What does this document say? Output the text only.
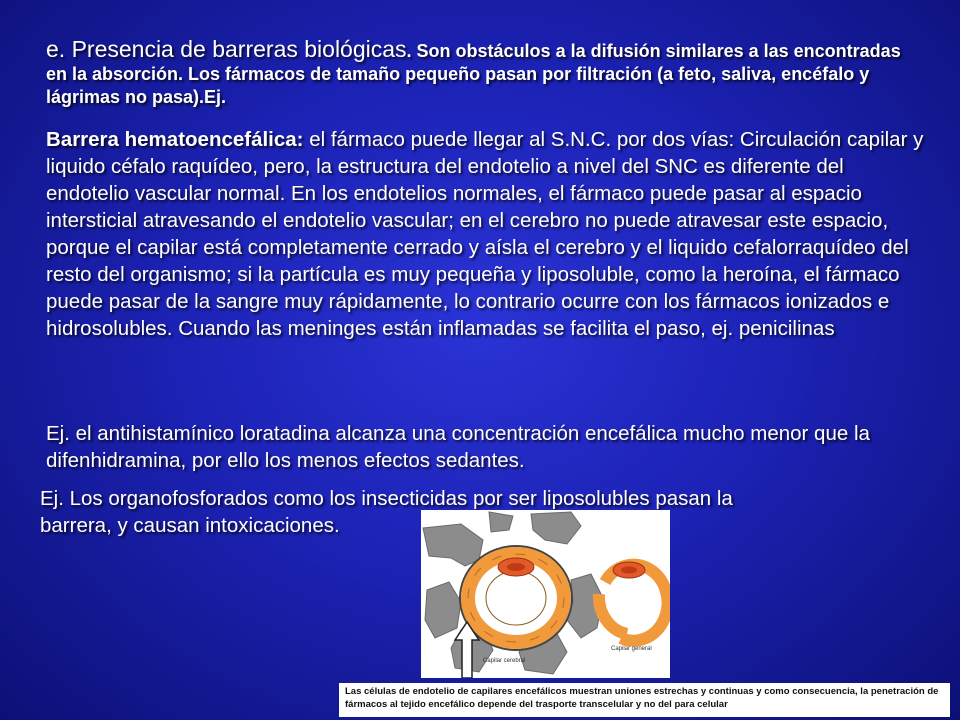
e. Presencia de barreras biológicas. Son obstáculos a la difusión similares a las encontradas en la absorción. Los fármacos de tamaño pequeño pasan por filtración (a feto, saliva, encéfalo y lágrimas no pasa).Ej.
Barrera hematoencefálica: el fármaco puede llegar al S.N.C. por dos vías: Circulación capilar y liquido céfalo raquídeo, pero, la estructura del endotelio a nivel del SNC es diferente del endotelio vascular normal. En los endotelios normales, el fármaco puede pasar al espacio intersticial atravesando el endotelio vascular; en el cerebro no puede atravesar este espacio, porque el capilar está completamente cerrado y aísla el cerebro y el liquido cefalorraquídeo del resto del organismo; si la partícula es muy pequeña y liposoluble, como la heroína, el fármaco puede pasar de la sangre muy rápidamente, lo contrario ocurre con los fármacos ionizados e hidrosolubles. Cuando las meninges están inflamadas se facilita el paso, ej. penicilinas
Ej. el antihistamínico loratadina alcanza una concentración encefálica mucho menor que la difenhidramina, por ello los menos efectos sedantes.
Ej. Los organofosforados como los insecticidas por ser liposolubles pasan la
barrera, y causan intoxicaciones.
Capilar cerebral
Capilar general
Las células de endotelio de capilares encefálicos muestran uniones estrechas y continuas y como consecuencia, la penetración de fármacos al tejido encefálico depende del trasporte transcelular y no del para celular
